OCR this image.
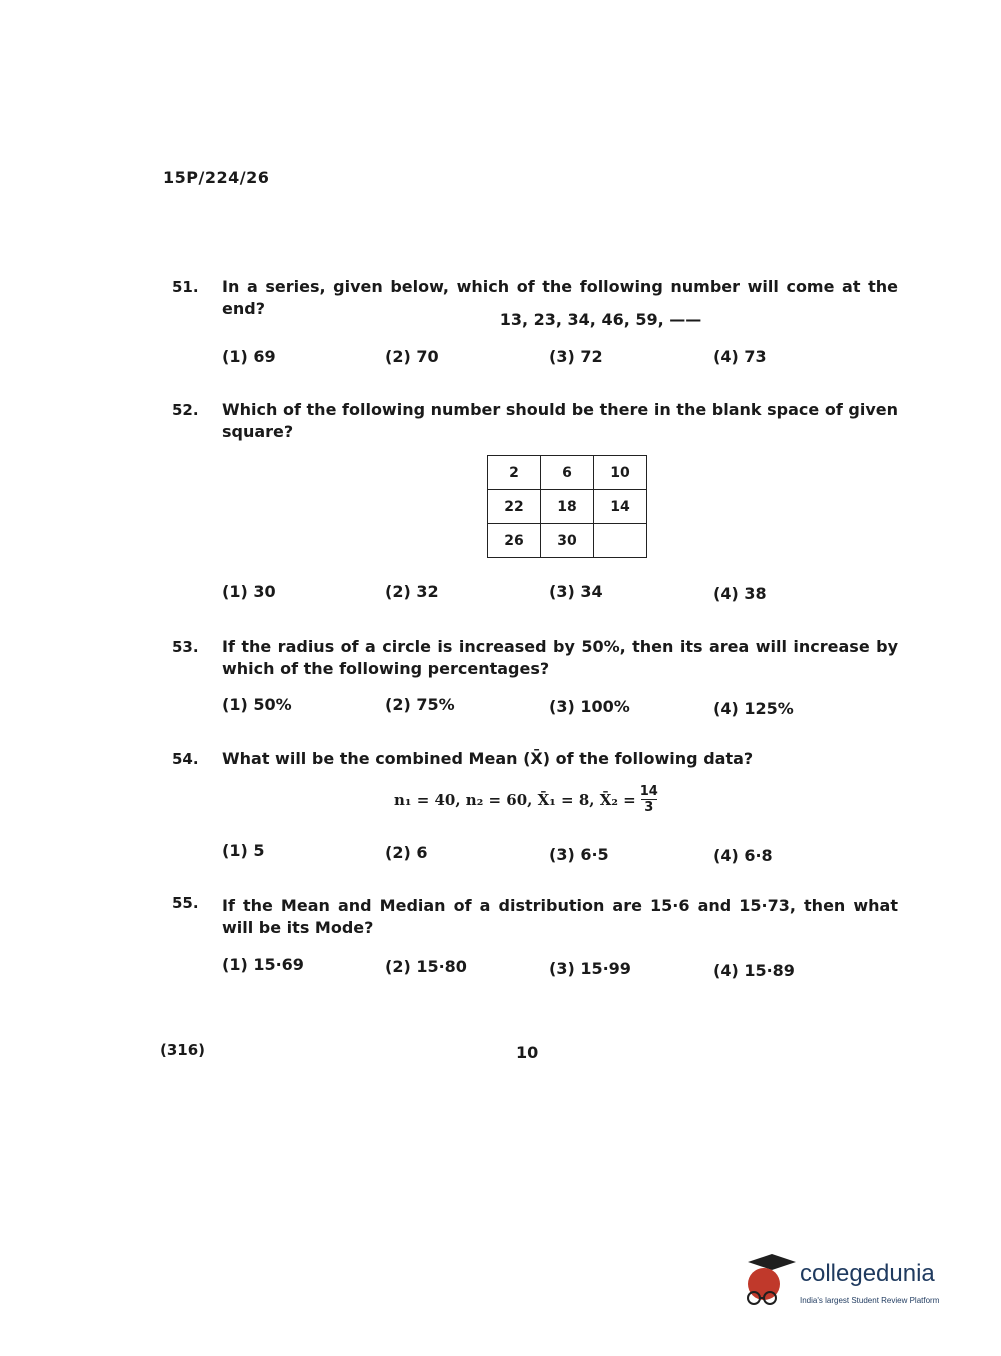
15P/224/26
51. In a series, given below, which of the following number will come at the end?
13, 23, 34, 46, 59, ——
(1) 69	(2) 70	(3) 72	(4) 73
52. Which of the following number should be there in the blank space of given square?
2	6	10
22	18	14
26	30	
(1) 30	(2) 32	(3) 34	(4) 38
53. If the radius of a circle is increased by 50%, then its area will increase by which of the following percentages?
(1) 50%	(2) 75%	(3) 100%	(4) 125%
54. What will be the combined Mean (X̄) of the following data?
n₁ = 40, n₂ = 60, X̄₁ = 8, X̄₂ = $\frac{14}{3}$
(1) 5	(2) 6	(3) 6·5	(4) 6·8
55. If the Mean and Median of a distribution are 15·6 and 15·73, then what will be its Mode?
(1) 15·69	(2) 15·80	(3) 15·99	(4) 15·89
(316)	10
collegedunia
India's largest Student Review Platform
